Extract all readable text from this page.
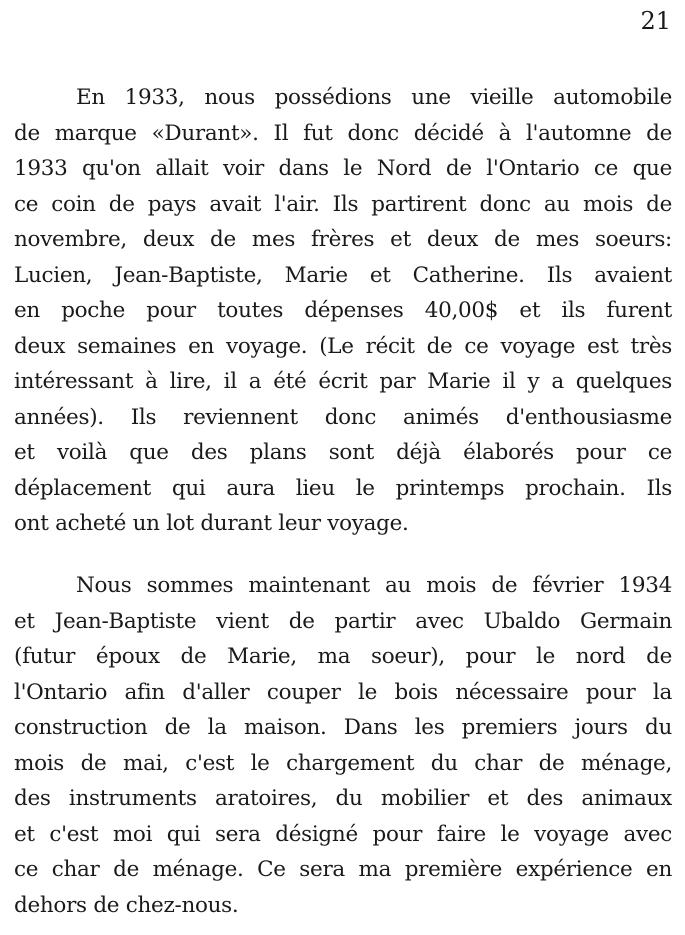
21
En 1933, nous possédions une vieille automobile
de marque «Durant». Il fut donc décidé à l'automne de
1933 qu'on allait voir dans le Nord de l'Ontario ce que
ce coin de pays avait l'air. Ils partirent donc au mois de
novembre, deux de mes frères et deux de mes soeurs:
Lucien, Jean-Baptiste, Marie et Catherine. Ils avaient
en poche pour toutes dépenses 40,00$ et ils furent
deux semaines en voyage. (Le récit de ce voyage est très
intéressant à lire, il a été écrit par Marie il y a quelques
années). Ils reviennent donc animés d'enthousiasme
et voilà que des plans sont déjà élaborés pour ce
déplacement qui aura lieu le printemps prochain. Ils
ont acheté un lot durant leur voyage.
Nous sommes maintenant au mois de février 1934
et Jean-Baptiste vient de partir avec Ubaldo Germain
(futur époux de Marie, ma soeur), pour le nord de
l'Ontario afin d'aller couper le bois nécessaire pour la
construction de la maison. Dans les premiers jours du
mois de mai, c'est le chargement du char de ménage,
des instruments aratoires, du mobilier et des animaux
et c'est moi qui sera désigné pour faire le voyage avec
ce char de ménage. Ce sera ma première expérience en
dehors de chez-nous.
